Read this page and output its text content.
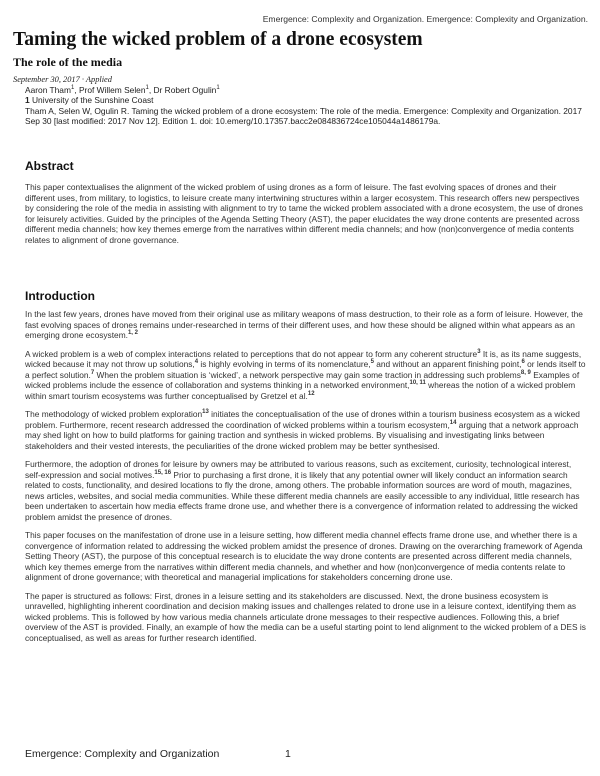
Emergence: Complexity and Organization. Emergence: Complexity and Organization.
Taming the wicked problem of a drone ecosystem
The role of the media
September 30, 2017 · Applied

Aaron Tham$^1$, Prof Willem Selen$^1$, Dr Robert Ogulin$^1$

1 University of the Sunshine Coast

Tham A, Selen W, Ogulin R. Taming the wicked problem of a drone ecosystem: The role of the media. Emergence: Complexity and Organization. 2017 Sep 30 [last modified: 2017 Nov 12]. Edition 1. doi: 10.emerg/10.17357.bacc2e084836724ce105044a1486179a.

Abstract

This paper contextualises the alignment of the wicked problem of using drones as a form of leisure. The fast evolving spaces of drones and their different uses, from military, to logistics, to leisure create many intertwining structures within a larger ecosystem. This research offers new perspectives by considering the role of the media in assisting with alignment to try to tame the wicked problem associated with a drone ecosystem, the use of drones for leisurely activities. Guided by the principles of the Agenda Setting Theory (AST), the paper elucidates the way drone contents are presented across different media channels; how key themes emerge from the narratives within different media channels; and how (non)convergence of media contents relates to alignment of drone governance.

Introduction

In the last few years, drones have moved from their original use as military weapons of mass destruction, to their role as a form of leisure. However, the fast evolving spaces of drones remains under-researched in terms of their different uses, and how these should be aligned within what appears as an emerging drone ecosystem.$^{1, 2}$

A wicked problem is a web of complex interactions related to perceptions that do not appear to form any coherent structure$^3$ It is, as its name suggests, wicked because it may not throw up solutions,$^4$ is highly evolving in terms of its nomenclature,$^5$ and without an apparent finishing point,$^6$ or lends itself to a perfect solution.$^7$ When the problem situation is ‘wicked’, a network perspective may gain some traction in addressing such problems$^{8, 9}$ Examples of wicked problems include the essence of collaboration and systems thinking in a networked environment,$^{10, 11}$ whereas the notion of a wicked problem within smart tourism ecosystems was further conceptualised by Gretzel et al.$^{12}$

The methodology of wicked problem exploration$^{13}$ initiates the conceptualisation of the use of drones within a tourism business ecosystem as a wicked problem. Furthermore, recent research addressed the coordination of wicked problems within a tourism ecosystem,$^{14}$ arguing that a network approach may shed light on how to build platforms for gaining traction and synthesis in wicked problems. By visualising and investigating links between stakeholders and their vested interests, the peculiarities of the drone wicked problem may be better synthesised.

Furthermore, the adoption of drones for leisure by owners may be attributed to various reasons, such as excitement, curiosity, technological interest, self-expression and social motives.$^{15, 16}$ Prior to purchasing a first drone, it is likely that any potential owner will likely conduct an information search related to costs, functionality, and desired locations to fly the drone, among others. The probable information sources are word of mouth, magazines, news articles, websites, and social media communities. While these different media channels are easily accessible to any individual, little research has been undertaken to ascertain how media effects frame drone use, and whether there is a convergence of information related to addressing the wicked problem amidst the presence of drones.

This paper focuses on the manifestation of drone use in a leisure setting, how different media channel effects frame drone use, and whether there is a convergence of information related to addressing the wicked problem amidst the presence of drones. Drawing on the overarching framework of Agenda Setting Theory (AST), the purpose of this conceptual research is to elucidate the way drone contents are presented across different media channels, which key themes emerge from the narratives within different media channels, and whether and how (non)convergence of media contents relate to alignment of drone governance; with theoretical and managerial implications for stakeholders concerning drone use.

The paper is structured as follows: First, drones in a leisure setting and its stakeholders are discussed. Next, the drone business ecosystem is unravelled, highlighting inherent coordination and decision making issues and challenges related to drone use in a leisure context, identifying them as wicked problems. This is followed by how various media channels articulate drone messages to their respective audiences. Following this, a brief overview of the AST is provided. Finally, an example of how the media can be a useful starting point to lend alignment to the wicked problem of a DES is conceptualised, as well as areas for further research identified.

Emergence: Complexity and Organization	1
